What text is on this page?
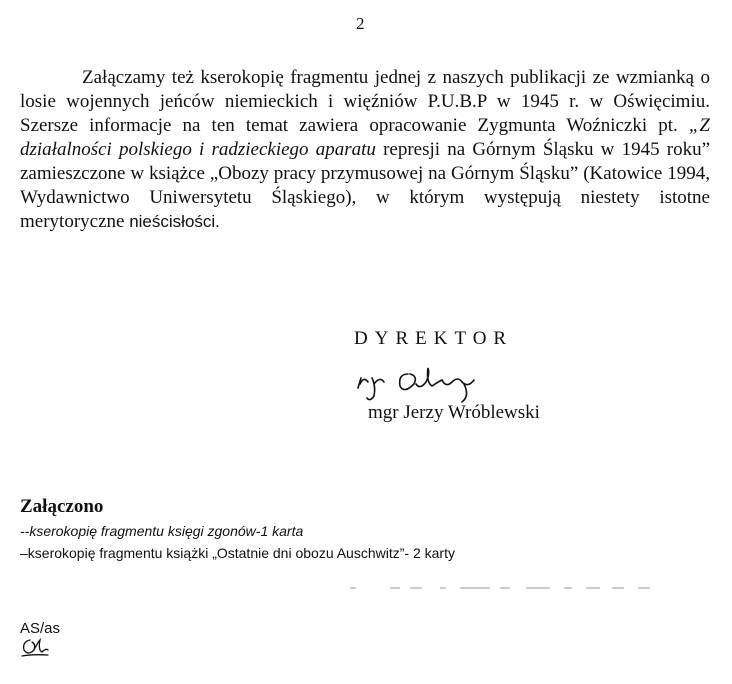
2

Załączamy też kserokopię fragmentu jednej z naszych publikacji ze wzmianką o losie wojennych jeńców niemieckich i więźniów P.U.B.P w 1945 r. w Oświęcimiu. Szersze informacje na ten temat zawiera opracowanie Zygmunta Woźniczki pt. „Z działalności polskiego i radzieckiego aparatu represji na Górnym Śląsku w 1945 roku” zamieszczone w książce „Obozy pracy przymusowej na Górnym Śląsku” (Katowice 1994, Wydawnictwo Uniwersytetu Śląskiego), w którym występują niestety istotne merytoryczne nieścisłości.

DYREKTOR
mgr Jerzy Wróblewski
Załączono
--kserokopię fragmentu księgi zgonów-1 karta
–kserokopię fragmentu książki „Ostatnie dni obozu Auschwitz”- 2 karty
AS/as
